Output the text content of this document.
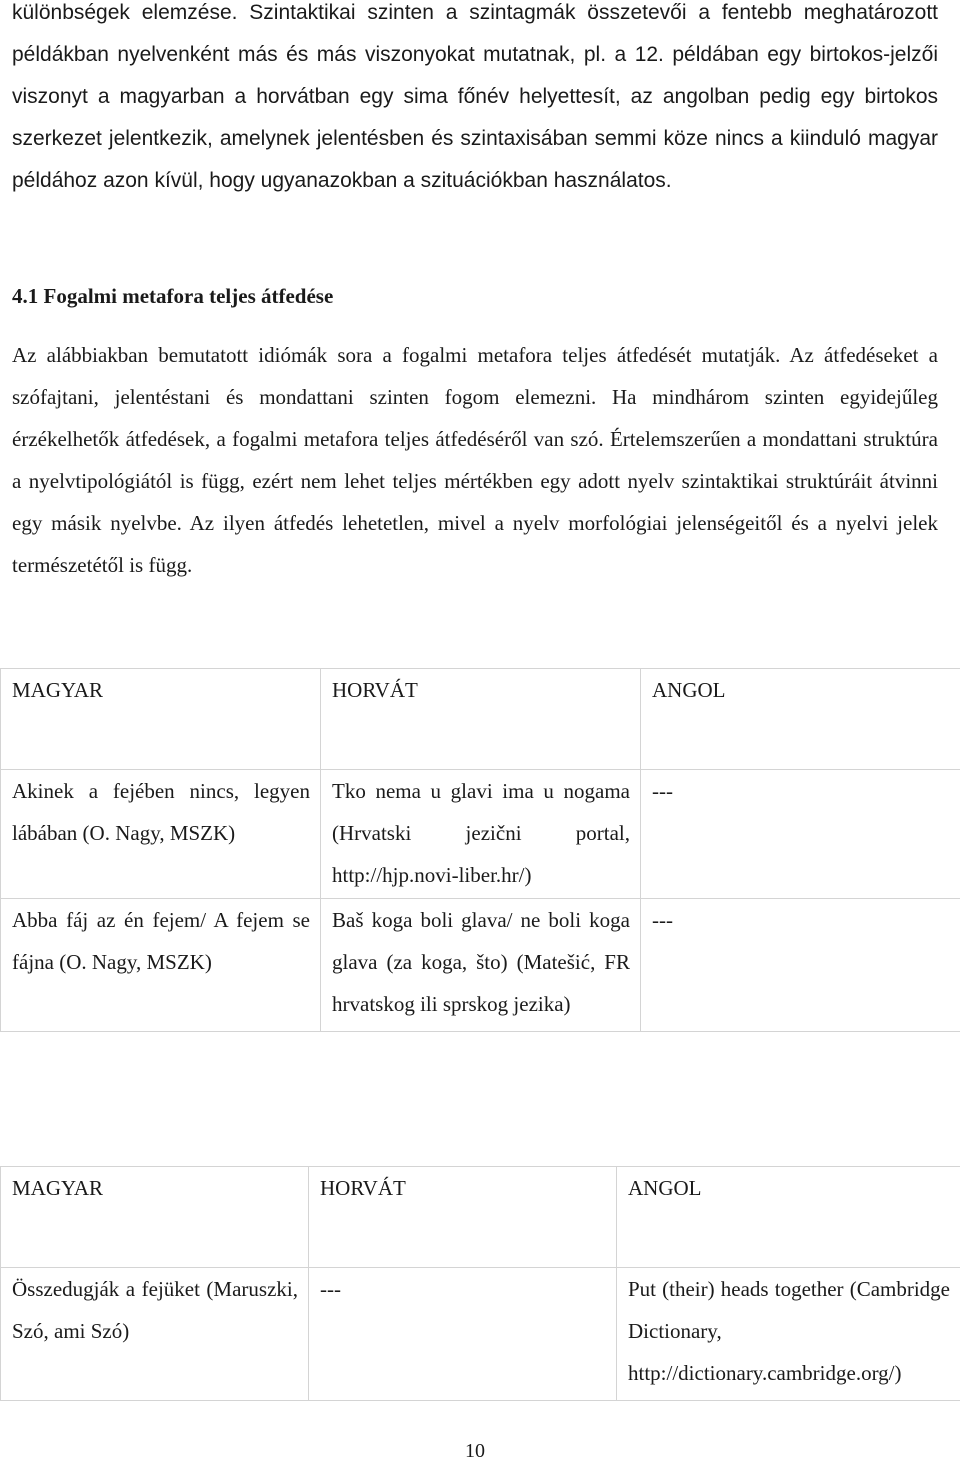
különbségek elemzése. Szintaktikai szinten a szintagmák összetevői a fentebb meghatározott példákban nyelvenként más és más viszonyokat mutatnak, pl. a 12. példában egy birtokos-jelzői viszonyt a magyarban a horvátban egy sima főnév helyettesít, az angolban pedig egy birtokos szerkezet jelentkezik, amelynek jelentésben és szintaxisában semmi köze nincs a kiinduló magyar példához azon kívül, hogy ugyanazokban a szituációkban használatos.
4.1 Fogalmi metafora teljes átfedése
Az alábbiakban bemutatott idiómák sora a fogalmi metafora teljes átfedését mutatják. Az átfedéseket a szófajtani, jelentéstani és mondattani szinten fogom elemezni. Ha mindhárom szinten egyidejűleg érzékelhetők átfedések, a fogalmi metafora teljes átfedéséről van szó. Értelemszerűen a mondattani struktúra a nyelvtipológiától is függ, ezért nem lehet teljes mértékben egy adott nyelv szintaktikai struktúráit átvinni egy másik nyelvbe. Az ilyen átfedés lehetetlen, mivel a nyelv morfológiai jelenségeitől és a nyelvi jelek természetétől is függ.
MAGYAR	HORVÁT	ANGOL

Akinek a fejében nincs, legyen lábában (O. Nagy, MSZK)	Tko nema u glavi ima u nogama (Hrvatski jezični portal, http://hjp.novi-liber.hr/)	---
Abba fáj az én fejem/ A fejem se fájna (O. Nagy, MSZK)	Baš koga boli glava/ ne boli koga glava (za koga, što) (Matešić, FR hrvatskog ili sprskog jezika)	---
MAGYAR	HORVÁT	ANGOL

Összedugják a fejüket (Maruszki, Szó, ami Szó)	---	Put (their) heads together (Cambridge Dictionary, http://dictionary.cambridge.org/)
10
